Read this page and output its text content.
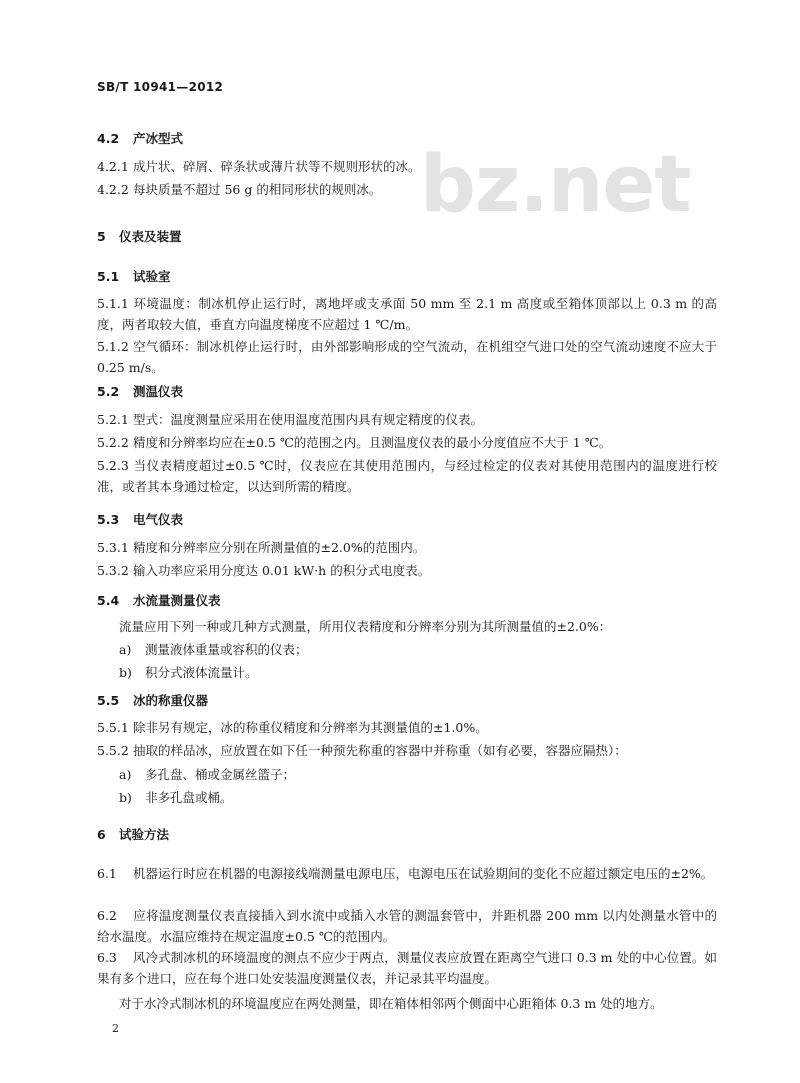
bz.net
SB/T 10941—2012
4.2 产冰型式
4.2.1 成片状、碎屑、碎条状或薄片状等不规则形状的冰。
4.2.2 每块质量不超过 56 g 的相同形状的规则冰。
5 仪表及装置
5.1 试验室
5.1.1 环境温度：制冰机停止运行时，离地坪或支承面 50 mm 至 2.1 m 高度或至箱体顶部以上 0.3 m 的高度，两者取较大值，垂直方向温度梯度不应超过 1 ℃/m。
5.1.2 空气循环：制冰机停止运行时，由外部影响形成的空气流动，在机组空气进口处的空气流动速度不应大于 0.25 m/s。
5.2 测温仪表
5.2.1 型式：温度测量应采用在使用温度范围内具有规定精度的仪表。
5.2.2 精度和分辨率均应在±0.5 ℃的范围之内。且测温度仪表的最小分度值应不大于 1 ℃。
5.2.3 当仪表精度超过±0.5 ℃时，仪表应在其使用范围内，与经过检定的仪表对其使用范围内的温度进行校准，或者其本身通过检定，以达到所需的精度。
5.3 电气仪表
5.3.1 精度和分辨率应分别在所测量值的±2.0%的范围内。
5.3.2 输入功率应采用分度达 0.01 kW·h 的积分式电度表。
5.4 水流量测量仪表
流量应用下列一种或几种方式测量，所用仪表精度和分辨率分别为其所测量值的±2.0%：
a) 测量液体重量或容积的仪表；
b) 积分式液体流量计。
5.5 冰的称重仪器
5.5.1 除非另有规定，冰的称重仪精度和分辨率为其测量值的±1.0%。
5.5.2 抽取的样品冰，应放置在如下任一种预先称重的容器中并称重（如有必要，容器应隔热）：
a) 多孔盘、桶或金属丝篮子；
b) 非多孔盘或桶。
6 试验方法
6.1 机器运行时应在机器的电源接线端测量电源电压，电源电压在试验期间的变化不应超过额定电压的±2%。
6.2 应将温度测量仪表直接插入到水流中或插入水管的测温套管中，并距机器 200 mm 以内处测量水管中的给水温度。水温应维持在规定温度±0.5 ℃的范围内。
6.3 风冷式制冰机的环境温度的测点不应少于两点，测量仪表应放置在距离空气进口 0.3 m 处的中心位置。如果有多个进口，应在每个进口处安装温度测量仪表，并记录其平均温度。
对于水冷式制冰机的环境温度应在两处测量，即在箱体相邻两个侧面中心距箱体 0.3 m 处的地方。
2
